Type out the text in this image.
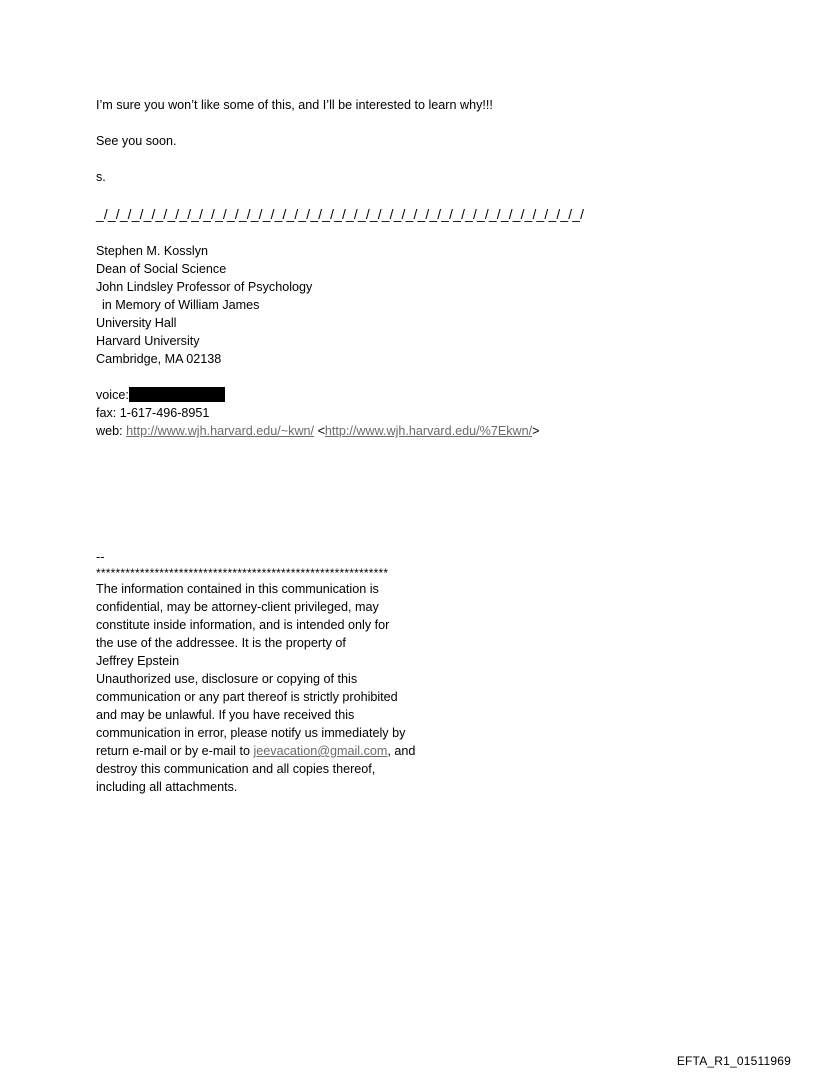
I’m sure you won’t like some of this, and I’ll be interested to learn why!!!
See you soon.
s.
_/_/_/_/_/_/_/_/_/_/_/_/_/_/_/_/_/_/_/_/_/_/_/_/_/_/_/_/_/_/_/_/_/_/_/_/_/_/_/_/_/
Stephen M. Kosslyn
Dean of Social Science
John Lindsley Professor of Psychology
in Memory of William James
University Hall
Harvard University
Cambridge, MA 02138
voice:
fax: 1-617-496-8951
web: http://www.wjh.harvard.edu/~kwn/ <http://www.wjh.harvard.edu/%7Ekwn/>
--
************************************************************
The information contained in this communication is
confidential, may be attorney-client privileged, may
constitute inside information, and is intended only for
the use of the addressee. It is the property of
Jeffrey Epstein
Unauthorized use, disclosure or copying of this
communication or any part thereof is strictly prohibited
and may be unlawful. If you have received this
communication in error, please notify us immediately by
return e-mail or by e-mail to jeevacation@gmail.com, and
destroy this communication and all copies thereof,
including all attachments.
EFTA_R1_01511969
